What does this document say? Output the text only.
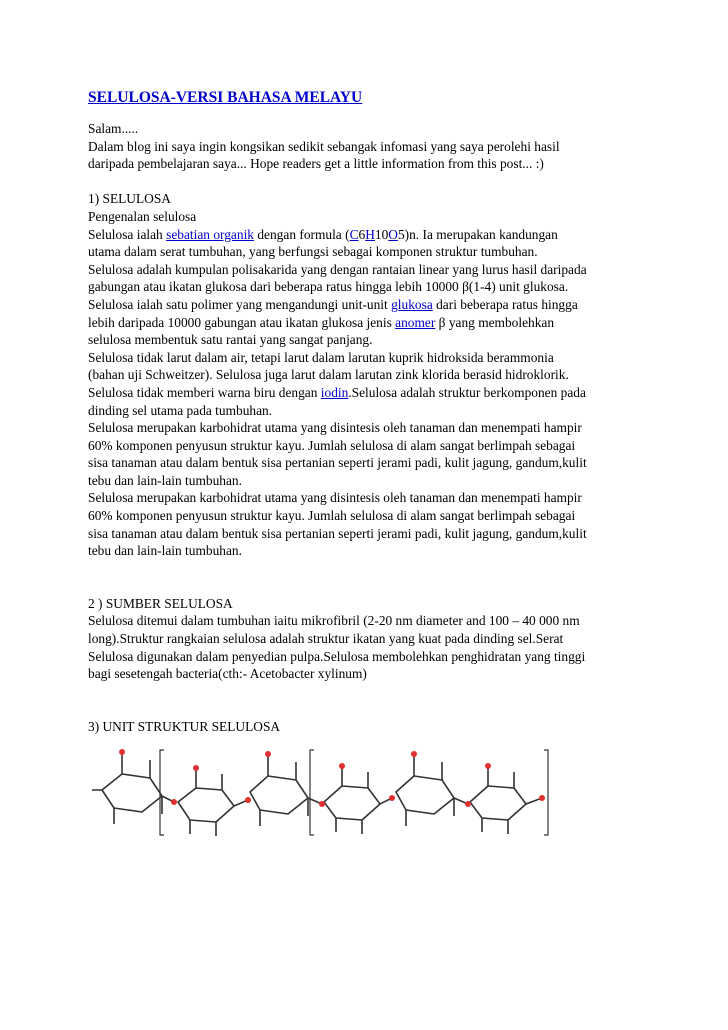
SELULOSA-VERSI BAHASA MELAYU
Salam.....
Dalam blog ini saya ingin kongsikan sedikit sebangak infomasi yang saya perolehi hasil
daripada pembelajaran saya... Hope readers get a little information from this post... :)
1) SELULOSA
Pengenalan selulosa
Selulosa ialah sebatian organik dengan formula (C6H10O5)n. Ia merupakan kandungan
utama dalam serat tumbuhan, yang berfungsi sebagai komponen struktur tumbuhan.
Selulosa adalah kumpulan polisakarida yang dengan rantaian linear yang lurus hasil daripada
gabungan atau ikatan glukosa dari beberapa ratus hingga lebih 10000 β(1-4) unit glukosa.
Selulosa ialah satu polimer yang mengandungi unit-unit glukosa dari beberapa ratus hingga
lebih daripada 10000 gabungan atau ikatan glukosa jenis anomer β yang membolehkan
selulosa membentuk satu rantai yang sangat panjang.
Selulosa tidak larut dalam air, tetapi larut dalam larutan kuprik hidroksida berammonia
(bahan uji Schweitzer). Selulosa juga larut dalam larutan zink klorida berasid hidroklorik.
Selulosa tidak memberi warna biru dengan iodin.Selulosa adalah struktur berkomponen pada
dinding sel utama pada tumbuhan.
Selulosa merupakan karbohidrat utama yang disintesis oleh tanaman dan menempati hampir
60% komponen penyusun struktur kayu. Jumlah selulosa di alam sangat berlimpah sebagai
sisa tanaman atau dalam bentuk sisa pertanian seperti jerami padi, kulit jagung, gandum,kulit
tebu dan lain-lain tumbuhan.
Selulosa merupakan karbohidrat utama yang disintesis oleh tanaman dan menempati hampir
60% komponen penyusun struktur kayu. Jumlah selulosa di alam sangat berlimpah sebagai
sisa tanaman atau dalam bentuk sisa pertanian seperti jerami padi, kulit jagung, gandum,kulit
tebu dan lain-lain tumbuhan.
2 ) SUMBER SELULOSA
Selulosa ditemui dalam tumbuhan iaitu mikrofibril (2-20 nm diameter and 100 – 40 000 nm
long).Struktur rangkaian selulosa adalah struktur ikatan yang kuat pada dinding sel.Serat
Selulosa digunakan dalam penyedian pulpa.Selulosa membolehkan penghidratan yang tinggi
bagi sesetengah bacteria(cth:- Acetobacter xylinum)
3) UNIT STRUKTUR SELULOSA
